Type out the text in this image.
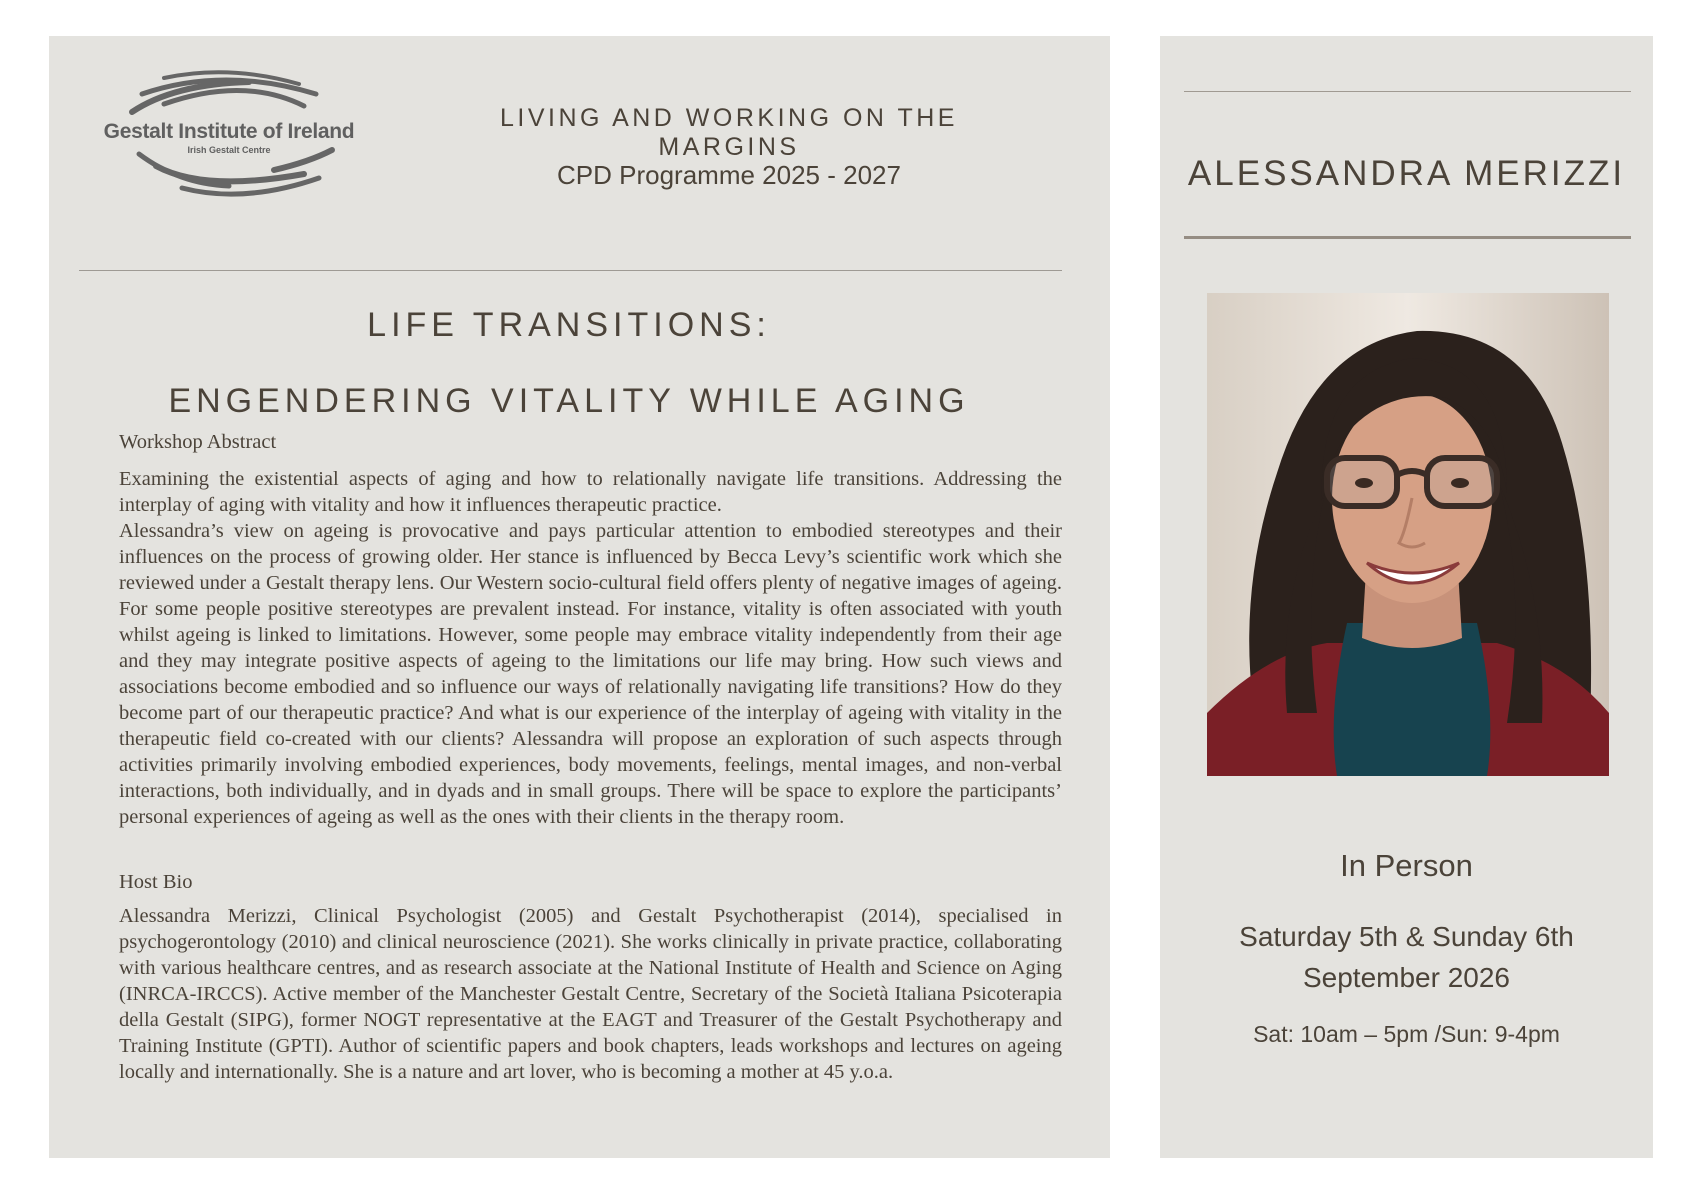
Gestalt Institute of Ireland
Irish Gestalt Centre
LIVING AND WORKING ON THE MARGINS
CPD Programme 2025 - 2027
LIFE TRANSITIONS:
ENGENDERING VITALITY WHILE AGING
Workshop Abstract

Examining the existential aspects of aging and how to relationally navigate life transitions. Addressing the interplay of aging with vitality and how it influences therapeutic practice.

Alessandra’s view on ageing is provocative and pays particular attention to embodied stereotypes and their influences on the process of growing older. Her stance is influenced by Becca Levy’s scientific work which she reviewed under a Gestalt therapy lens. Our Western socio-cultural field offers plenty of negative images of ageing. For some people positive stereotypes are prevalent instead. For instance, vitality is often associated with youth whilst ageing is linked to limitations. However, some people may embrace vitality independently from their age and they may integrate positive aspects of ageing to the limitations our life may bring. How such views and associations become embodied and so influence our ways of relationally navigating life transitions? How do they become part of our therapeutic practice? And what is our experience of the interplay of ageing with vitality in the therapeutic field co-created with our clients? Alessandra will propose an exploration of such aspects through activities primarily involving embodied experiences, body movements, feelings, mental images, and non-verbal interactions, both individually, and in dyads and in small groups. There will be space to explore the participants’ personal experiences of ageing as well as the ones with their clients in the therapy room.

Host Bio

Alessandra Merizzi, Clinical Psychologist (2005) and Gestalt Psychotherapist (2014), specialised in psychogerontology (2010) and clinical neuroscience (2021). She works clinically in private practice, collaborating with various healthcare centres, and as research associate at the National Institute of Health and Science on Aging (INRCA-IRCCS). Active member of the Manchester Gestalt Centre, Secretary of the Società Italiana Psicoterapia della Gestalt (SIPG), former NOGT representative at the EAGT and Treasurer of the Gestalt Psychotherapy and Training Institute (GPTI). Author of scientific papers and book chapters, leads workshops and lectures on ageing locally and internationally. She is a nature and art lover, who is becoming a mother at 45 y.o.a.

ALESSANDRA MERIZZI
In Person
Saturday 5th & Sunday 6th
September 2026
Sat: 10am – 5pm /Sun: 9-4pm
